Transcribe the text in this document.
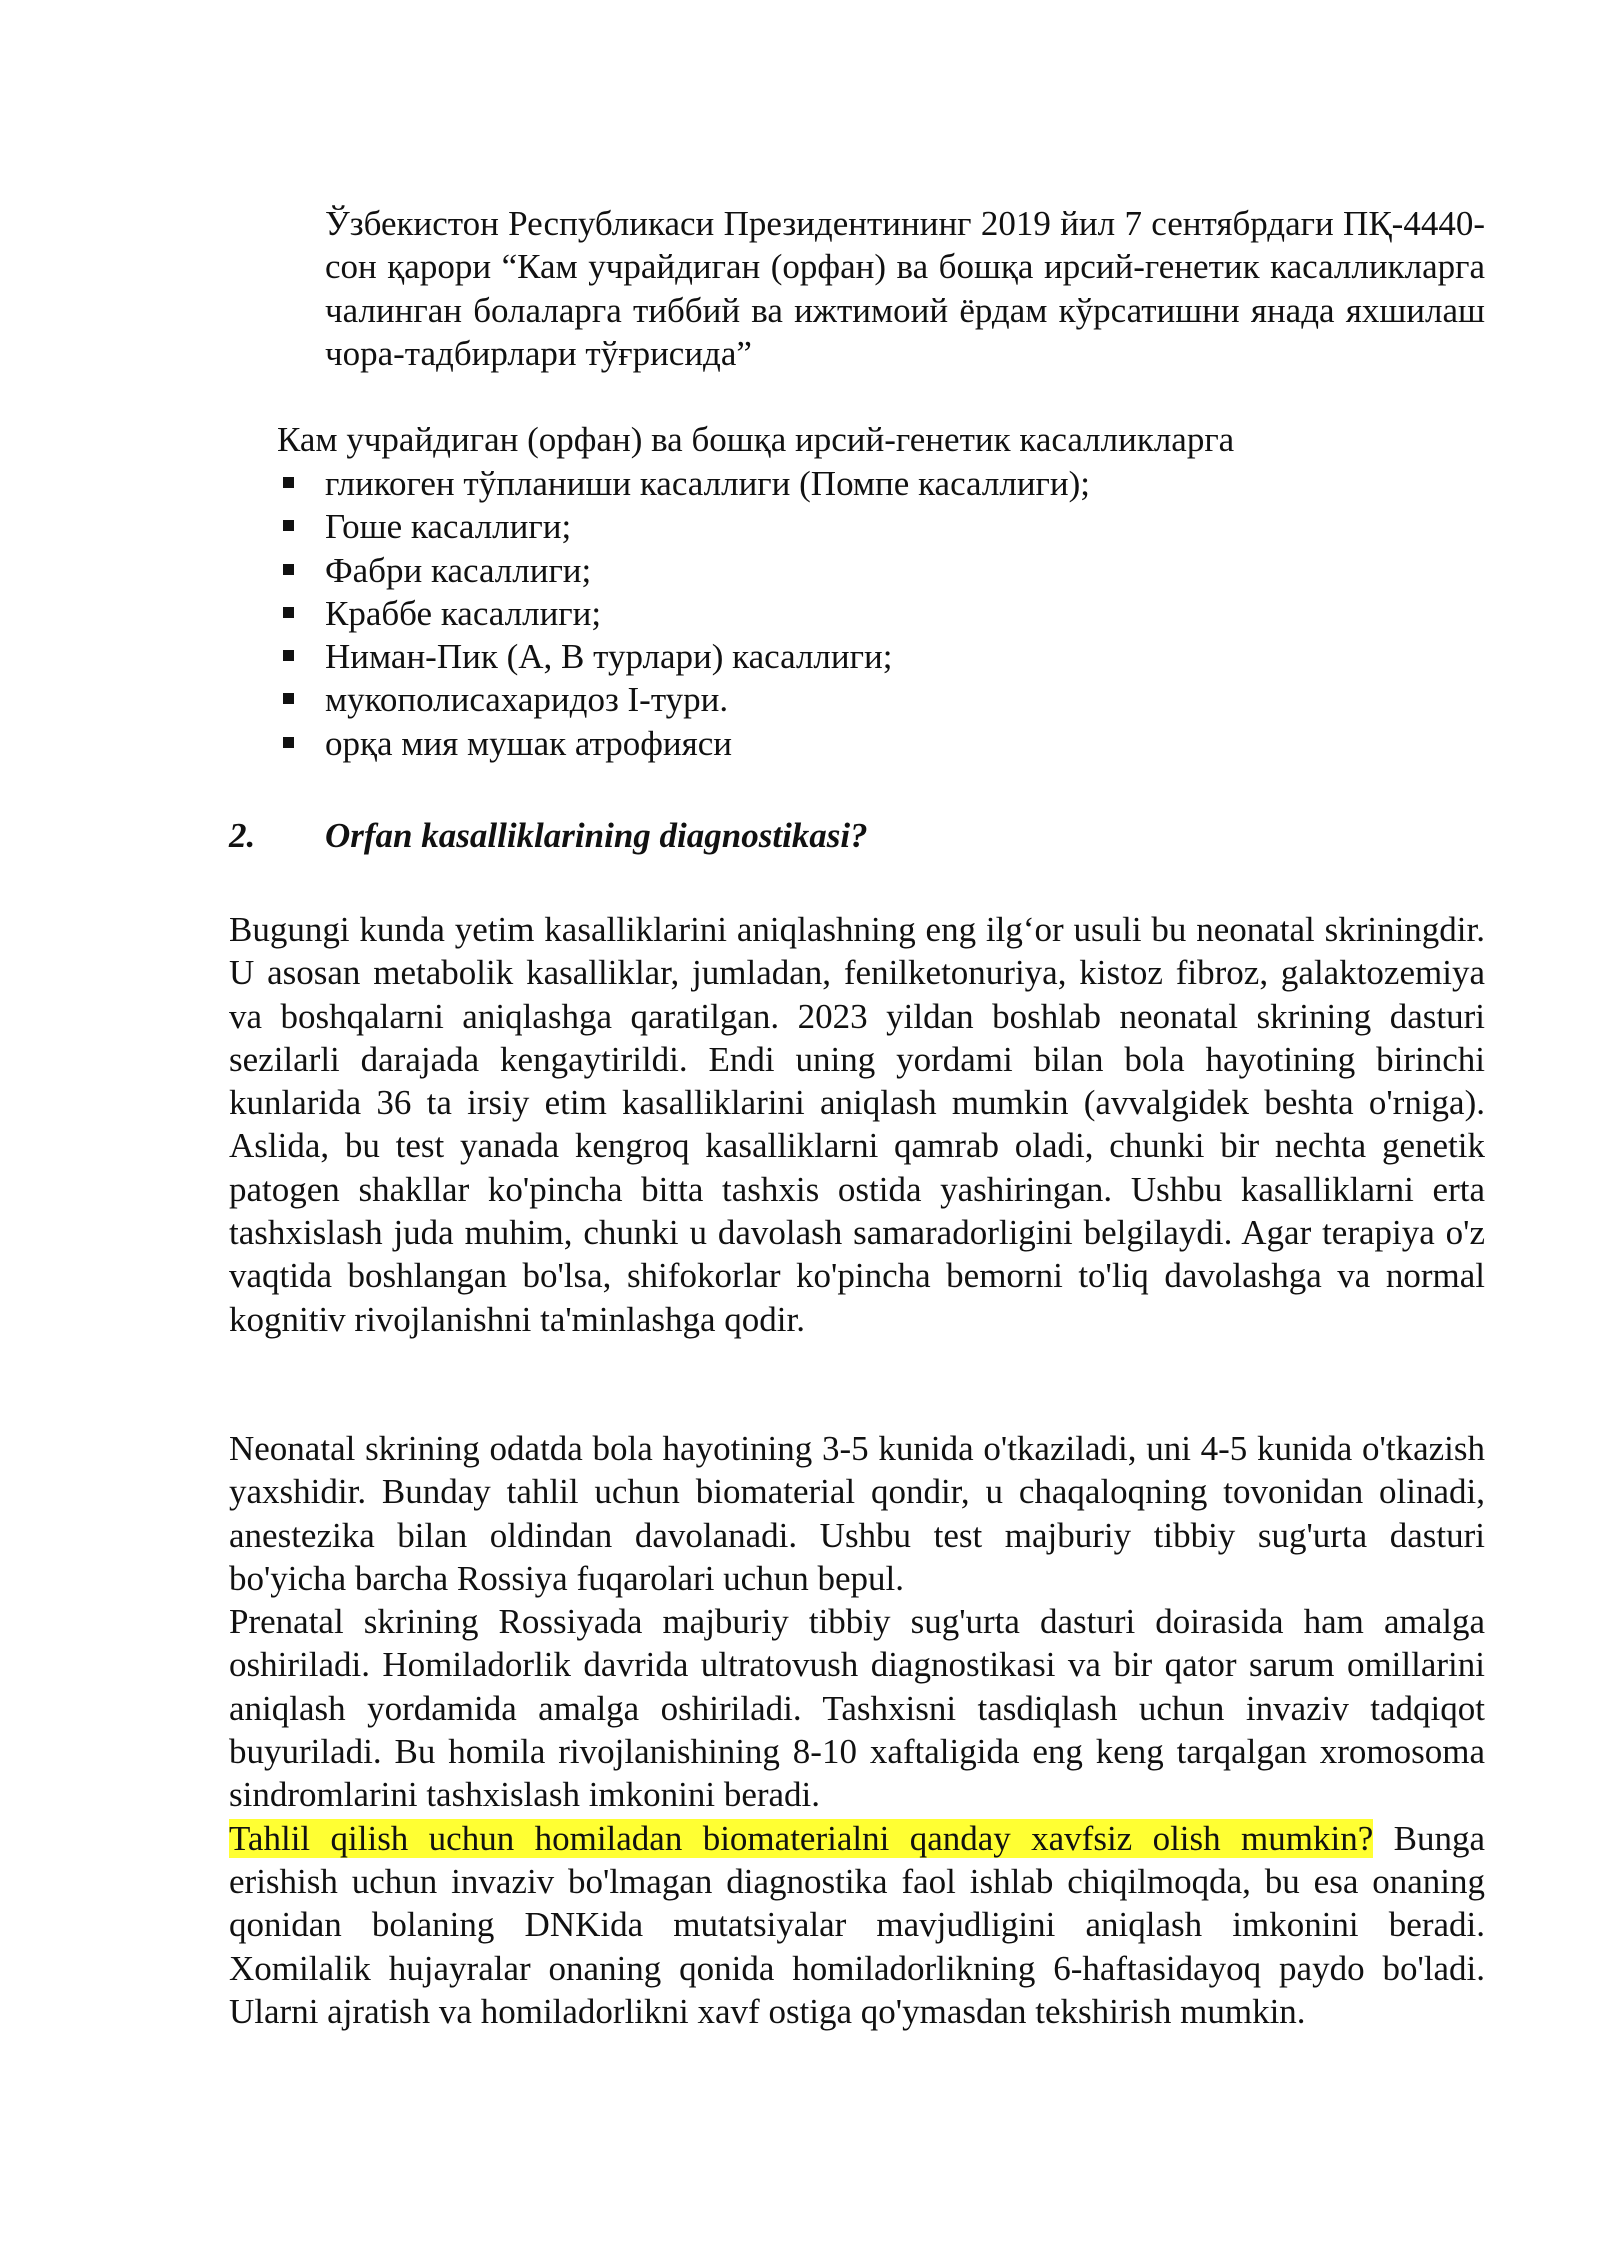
Ўзбекистон Республикаси Президентининг 2019 йил 7 сентябрдаги ПҚ-4440-сон қарори “Кам учрайдиган (орфан) ва бошқа ирсий-генетик касалликларга чалинган болаларга тиббий ва ижтимоий ёрдам кўрсатишни янада яхшилаш чора-тадбирлари тўғрисида”

Кам учрайдиган (орфан) ва бошқа ирсий-генетик касалликларга

гликоген тўпланиши касаллиги (Помпе касаллиги);
Гоше касаллиги;
Фабри касаллиги;
Краббе касаллиги;
Ниман-Пик (А, В турлари) касаллиги;
мукополисахаридоз I-тури.
орқа мия мушак атрофияси
2. Orfan kasalliklarining diagnostikasi?

Bugungi kunda yetim kasalliklarini aniqlashning eng ilg‘or usuli bu neonatal skriningdir. U asosan metabolik kasalliklar, jumladan, fenilketonuriya, kistoz fibroz, galaktozemiya va boshqalarni aniqlashga qaratilgan. 2023 yildan boshlab neonatal skrining dasturi sezilarli darajada kengaytirildi. Endi uning yordami bilan bola hayotining birinchi kunlarida 36 ta irsiy etim kasalliklarini aniqlash mumkin (avvalgidek beshta o'rniga). Aslida, bu test yanada kengroq kasalliklarni qamrab oladi, chunki bir nechta genetik patogen shakllar ko'pincha bitta tashxis ostida yashiringan. Ushbu kasalliklarni erta tashxislash juda muhim, chunki u davolash samaradorligini belgilaydi. Agar terapiya o'z vaqtida boshlangan bo'lsa, shifokorlar ko'pincha bemorni to'liq davolashga va normal kognitiv rivojlanishni ta'minlashga qodir.

Neonatal skrining odatda bola hayotining 3-5 kunida o'tkaziladi, uni 4-5 kunida o'tkazish yaxshidir. Bunday tahlil uchun biomaterial qondir, u chaqaloqning tovonidan olinadi, anestezika bilan oldindan davolanadi. Ushbu test majburiy tibbiy sug'urta dasturi bo'yicha barcha Rossiya fuqarolari uchun bepul.

Prenatal skrining Rossiyada majburiy tibbiy sug'urta dasturi doirasida ham amalga oshiriladi. Homiladorlik davrida ultratovush diagnostikasi va bir qator sarum omillarini aniqlash yordamida amalga oshiriladi. Tashxisni tasdiqlash uchun invaziv tadqiqot buyuriladi. Bu homila rivojlanishining 8-10 xaftaligida eng keng tarqalgan xromosoma sindromlarini tashxislash imkonini beradi.

Tahlil qilish uchun homiladan biomaterialni qanday xavfsiz olish mumkin? Bunga erishish uchun invaziv bo'lmagan diagnostika faol ishlab chiqilmoqda, bu esa onaning qonidan bolaning DNKida mutatsiyalar mavjudligini aniqlash imkonini beradi. Xomilalik hujayralar onaning qonida homiladorlikning 6-haftasidayoq paydo bo'ladi. Ularni ajratish va homiladorlikni xavf ostiga qo'ymasdan tekshirish mumkin.
